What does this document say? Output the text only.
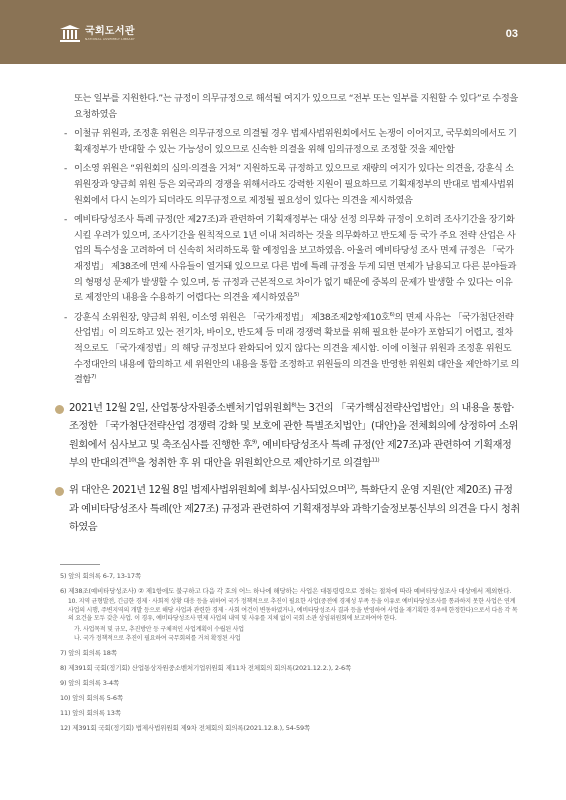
국회도서관
NATIONAL ASSEMBLY LIBRARY	03

또는 일부를 지원한다.”는 규정이 의무규정으로 해석될 여지가 있으므로 “전부 또는 일부를 지원할 수 있다”로 수정을 요청하였음

- 이철규 위원과, 조정훈 위원은 의무규정으로 의결될 경우 법제사법위원회에서도 논쟁이 이어지고, 국무회의에서도 기획재정부가 반대할 수 있는 가능성이 있으므로 신속한 의결을 위해 임의규정으로 조정할 것을 제안함
- 이소영 위원은 “위원회의 심의·의결을 거쳐” 지원하도록 규정하고 있으므로 재량의 여지가 있다는 의견을, 강훈식 소위원장과 양금희 위원 등은 외국과의 경쟁을 위해서라도 강력한 지원이 필요하므로 기획재정부의 반대로 법제사법위원회에서 다시 논의가 되더라도 의무규정으로 제정될 필요성이 있다는 의견을 제시하였음
- 예비타당성조사 특례 규정(안 제27조)과 관련하여 기획재정부는 대상 선정 의무화 규정이 오히려 조사기간을 장기화 시킬 우려가 있으며, 조사기간을 원칙적으로 1년 이내 처리하는 것을 의무화하고 반도체 등 국가 주요 전략 산업은 사업의 특수성을 고려하여 더 신속히 처리하도록 할 예정임을 보고하였음. 아울러 예비타당성 조사 면제 규정은 「국가재정법」 제38조에 면제 사유들이 열거돼 있으므로 다른 법에 특례 규정을 두게 되면 면제가 남용되고 다른 분야들과의 형평성 문제가 발생할 수 있으며, 동 규정과 근본적으로 차이가 없기 때문에 중복의 문제가 발생할 수 있다는 이유로 제정안의 내용을 수용하기 어렵다는 의견을 제시하였음$^{5)}$
- 강훈식 소위원장, 양금희 위원, 이소영 위원은 「국가재정법」 제38조제2항제10호$^{6)}$의 면제 사유는 「국가첨단전략산업법」이 의도하고 있는 전기차, 바이오, 반도체 등 미래 경쟁력 확보를 위해 필요한 분야가 포함되기 어렵고, 절차적으로도 「국가재정법」의 해당 규정보다 완화되어 있지 않다는 의견을 제시함. 이에 이철규 위원과 조정훈 위원도 수정대안의 내용에 합의하고 세 위원안의 내용을 통합 조정하고 위원들의 의견을 반영한 위원회 대안을 제안하기로 의결함$^{7)}$
2021년 12월 2일, 산업통상자원중소벤처기업위원회$^{8)}$는 3건의 「국가핵심전략산업법안」의 내용을 통합·조정한 「국가첨단전략산업 경쟁력 강화 및 보호에 관한 특별조치법안」(대안)을 전체회의에 상정하여 소위원회에서 심사보고 및 축조심사를 진행한 후$^{9)}$, 예비타당성조사 특례 규정(안 제27조)과 관련하여 기획재정부의 반대의견$^{10)}$을 청취한 후 위 대안을 위원회안으로 제안하기로 의결함$^{11)}$
위 대안은 2021년 12월 8일 법제사법위원회에 회부·심사되었으며$^{12)}$, 특화단지 운영 지원(안 제20조) 규정과 예비타당성조사 특례(안 제27조) 규정과 관련하여 기획재정부와 과학기술정보통신부의 의견을 다시 청취하였음

5) 앞의 회의록 6-7, 13-17쪽

6) 제38조(예비타당성조사) ② 제1항에도 불구하고 다음 각 호의 어느 하나에 해당하는 사업은 대통령령으로 정하는 절차에 따라 예비타당성조사 대상에서 제외한다.

10. 지역 균형발전, 긴급한 경제 · 사회적 상황 대응 등을 위하여 국가 정책적으로 추진이 필요한 사업(중전에 경제성 부족 등을 이유로 예비타당성조사를 통과하지 못한 사업은 연계사업의 시행, 주변지역의 개발 등으로 해당 사업과 관련한 경제 · 사회 여건이 변동하였거나, 예비타당성조사 결과 등을 반영하여 사업을 재기획한 경우에 한정한다)으로서 다음 각 목의 요건을 모두 갖춘 사업. 이 경우, 예비타당성조사 면제 사업의 내역 및 사유를 지체 없이 국회 소관 상임위원회에 보고하여야 한다.

가. 사업목적 및 규모, 추진방안 등 구체적인 사업계획이 수립된 사업

나. 국가 정책적으로 추진이 필요하여 국무회의를 거쳐 확정된 사업

7) 앞의 회의록 18쪽

8) 제391회 국회(정기회) 산업통상자원중소벤처기업위원회 제11차 전체회의 회의록(2021.12.2.), 2-6쪽

9) 앞의 회의록 3-4쪽

10) 앞의 회의록 5-6쪽

11) 앞의 회의록 13쪽

12) 제391회 국회(정기회) 법제사법위원회 제9차 전체회의 회의록(2021.12.8.), 54-59쪽
